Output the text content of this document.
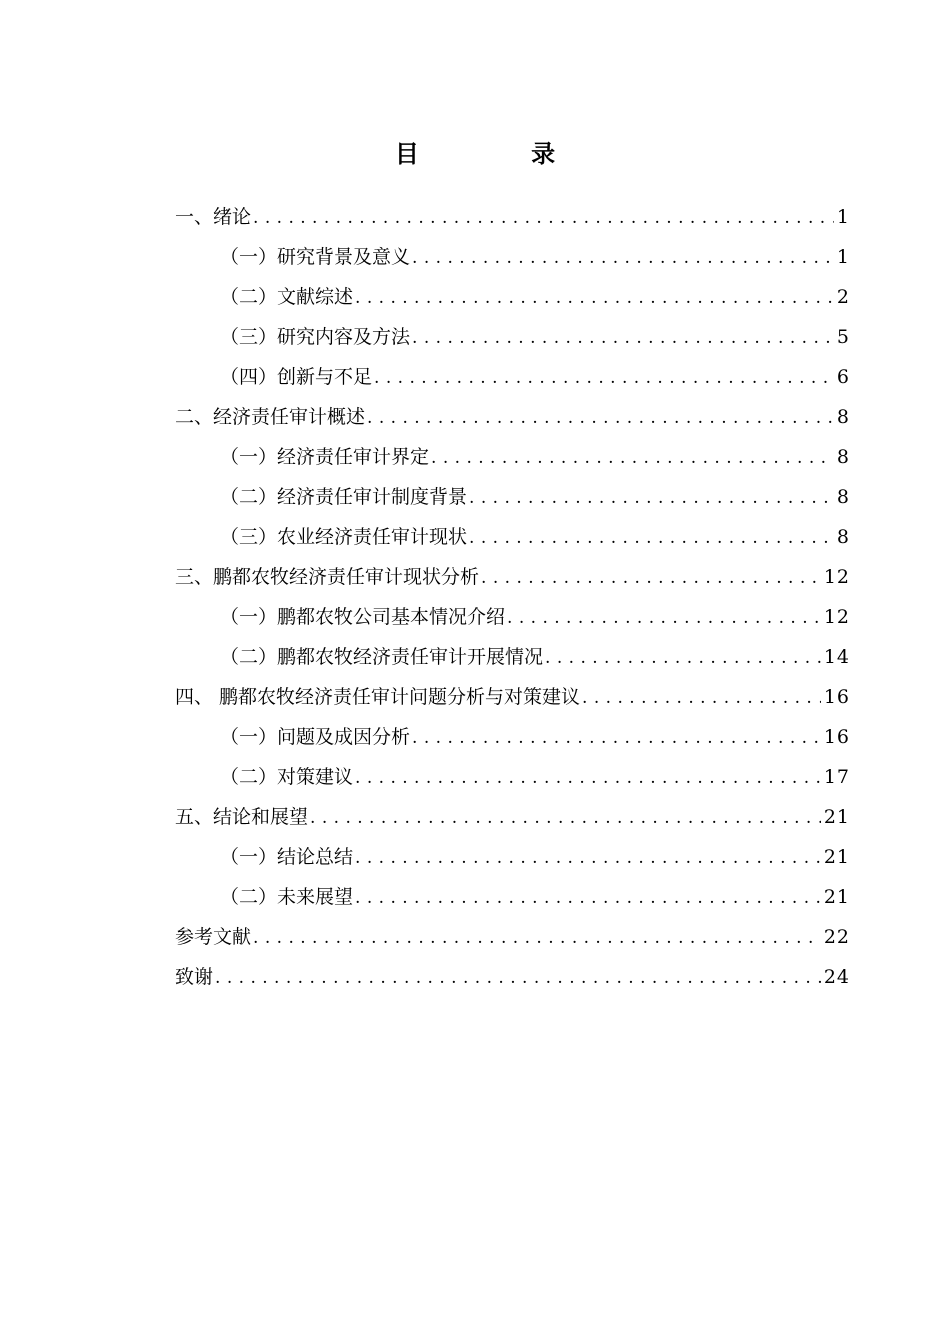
目 录
一、绪论 . . .	1
（一）研究背景及意义 . . .	1
（二）文献综述 . . .	2
（三）研究内容及方法 . . .	5
（四）创新与不足 . . .	6
二、经济责任审计概述 . . .	8
（一）经济责任审计界定 . . .	8
（二）经济责任审计制度背景 . . .	8
（三）农业经济责任审计现状 . . .	8
三、鹏都农牧经济责任审计现状分析 . . .	12
（一）鹏都农牧公司基本情况介绍 . . .	12
（二）鹏都农牧经济责任审计开展情况 . . .	14
四、 鹏都农牧经济责任审计问题分析与对策建议 . . .	16
（一）问题及成因分析 . . .	16
（二）对策建议 . . .	17
五、结论和展望 . . .	21
（一）结论总结 . . .	21
（二）未来展望 . . .	21
参考文献 . . .	22
致谢 . . .	24
